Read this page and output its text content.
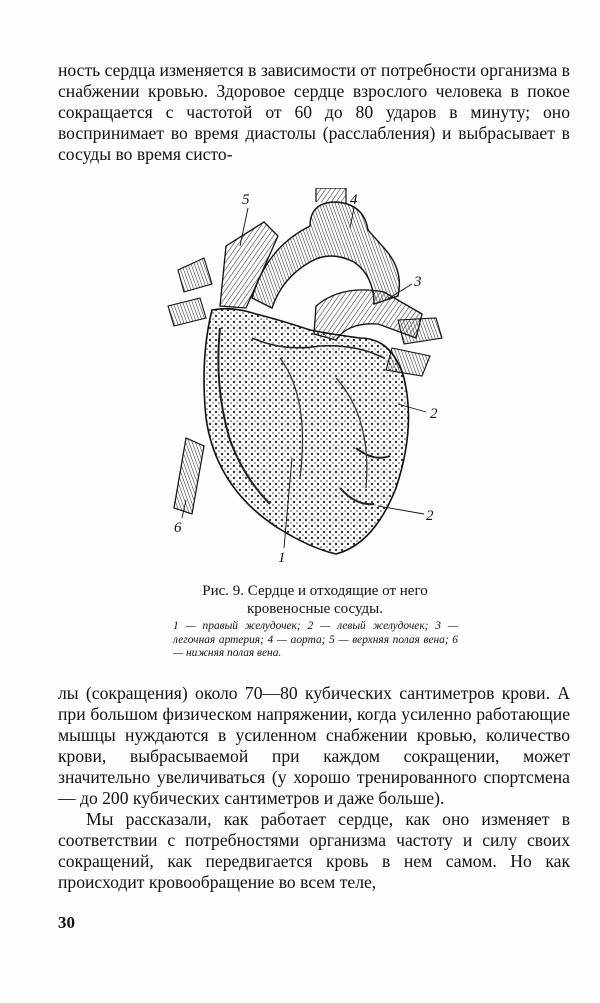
ность сердца изменяется в зависимости от потребности организма в снабжении кровью. Здоровое сердце взрослого человека в покое сокращается с частотой от 60 до 80 ударов в минуту; оно воспринимает во время диастолы (расслабления) и выбрасывает в сосуды во время систо-

5	4
3
2
2
6
1
Рис. 9. Сердце и отходящие от него кровеносные сосуды.
1 — правый желудочек; 2 — левый желудочек; 3 — легочная артерия; 4 — аорта; 5 — верхняя полая вена; 6 — нижняя полая вена.

лы (сокращения) около 70—80 кубических сантиметров крови. А при большом физическом напряжении, когда усиленно работающие мышцы нуждаются в усиленном снабжении кровью, количество крови, выбрасываемой при каждом сокращении, может значительно увеличиваться (у хорошо тренированного спортсмена — до 200 кубических сантиметров и даже больше).

Мы рассказали, как работает сердце, как оно изменяет в соответствии с потребностями организма частоту и силу своих сокращений, как передвигается кровь в нем самом. Но как происходит кровообращение во всем теле,

30
